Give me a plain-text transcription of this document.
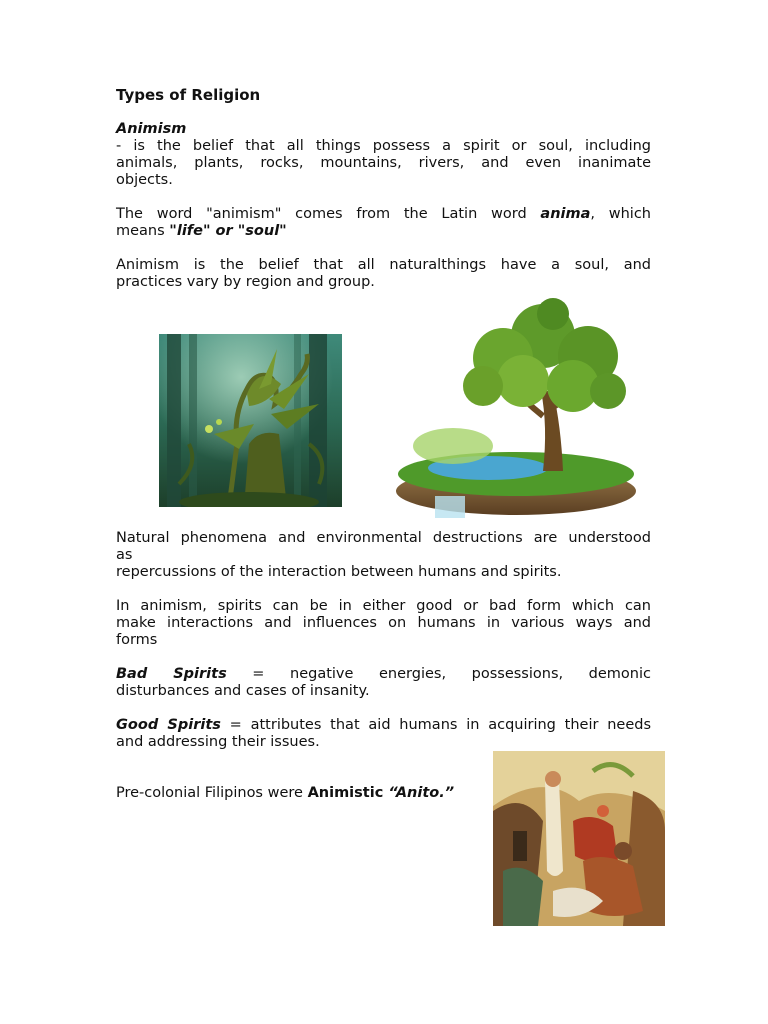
Types of Religion
Animism
- is the belief that all things possess a spirit or soul, including
animals, plants, rocks, mountains, rivers, and even inanimate
objects.
The word "animism" comes from the Latin word anima, which
means "life" or "soul"
Animism is the belief that all naturalthings have a soul, and
practices vary by region and group.
Natural phenomena and environmental destructions are understood
as
repercussions of the interaction between humans and spirits.
In animism, spirits can be in either good or bad form which can
make interactions and influences on humans in various ways and
forms
Bad Spirits = negative energies, possessions, demonic
disturbances and cases of insanity.
Good Spirits = attributes that aid humans in acquiring their needs
and addressing their issues.
Pre-colonial Filipinos were Animistic “Anito.”
